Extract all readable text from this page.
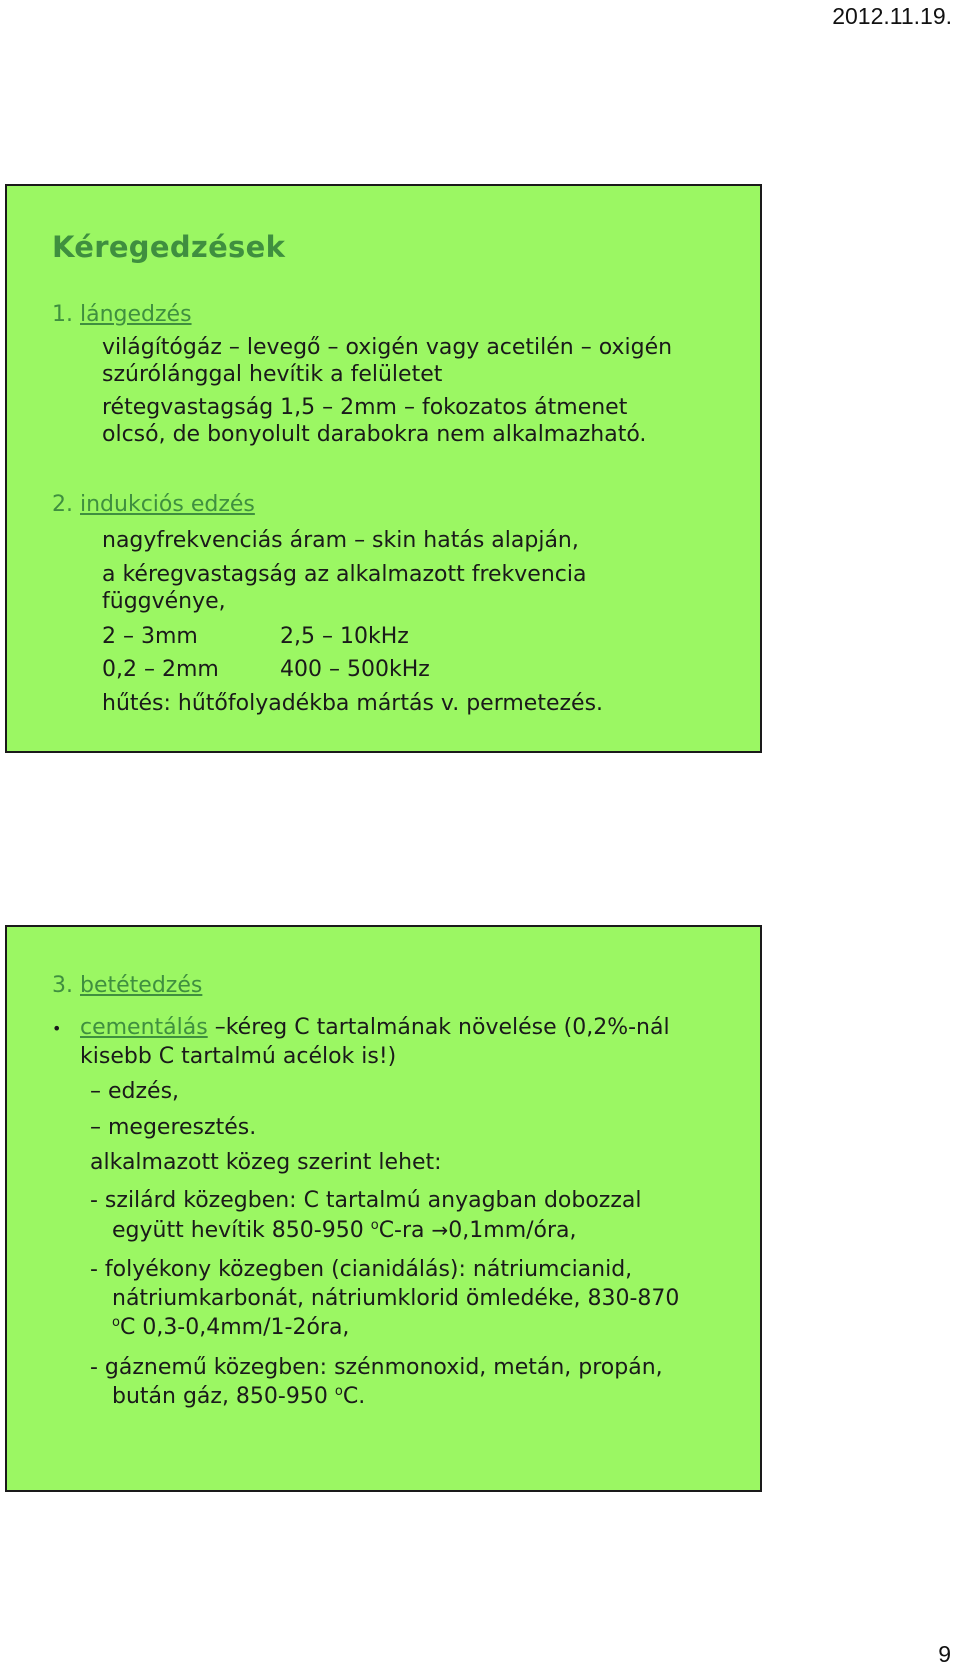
2012.11.19.
Kéregedzések
1. lángedzés
világítógáz – levegő – oxigén vagy acetilén – oxigén
szúrólánggal hevítik a felületet
rétegvastagság 1,5 – 2mm – fokozatos átmenet
olcsó, de bonyolult darabokra nem alkalmazható.
2. indukciós edzés
nagyfrekvenciás áram – skin hatás alapján,
a kéregvastagság az alkalmazott frekvencia
függvénye,
2 – 3mm	2,5 – 10kHz
0,2 – 2mm	400 – 500kHz
hűtés: hűtőfolyadékba mártás v. permetezés.
3. betétedzés
• cementálás –kéreg C tartalmának növelése (0,2%-nál
kisebb C tartalmú acélok is!)
– edzés,
– megeresztés.
alkalmazott közeg szerint lehet:
- szilárd közegben: C tartalmú anyagban dobozzal
együtt hevítik 850-950 $^o$C-ra →0,1mm/óra,
- folyékony közegben (cianidálás): nátriumcianid,
nátriumkarbonát, nátriumklorid ömledéke, 830-870
$^o$C 0,3-0,4mm/1-2óra,
- gáznemű közegben: szénmonoxid, metán, propán,
bután gáz, 850-950 $^o$C.
9
